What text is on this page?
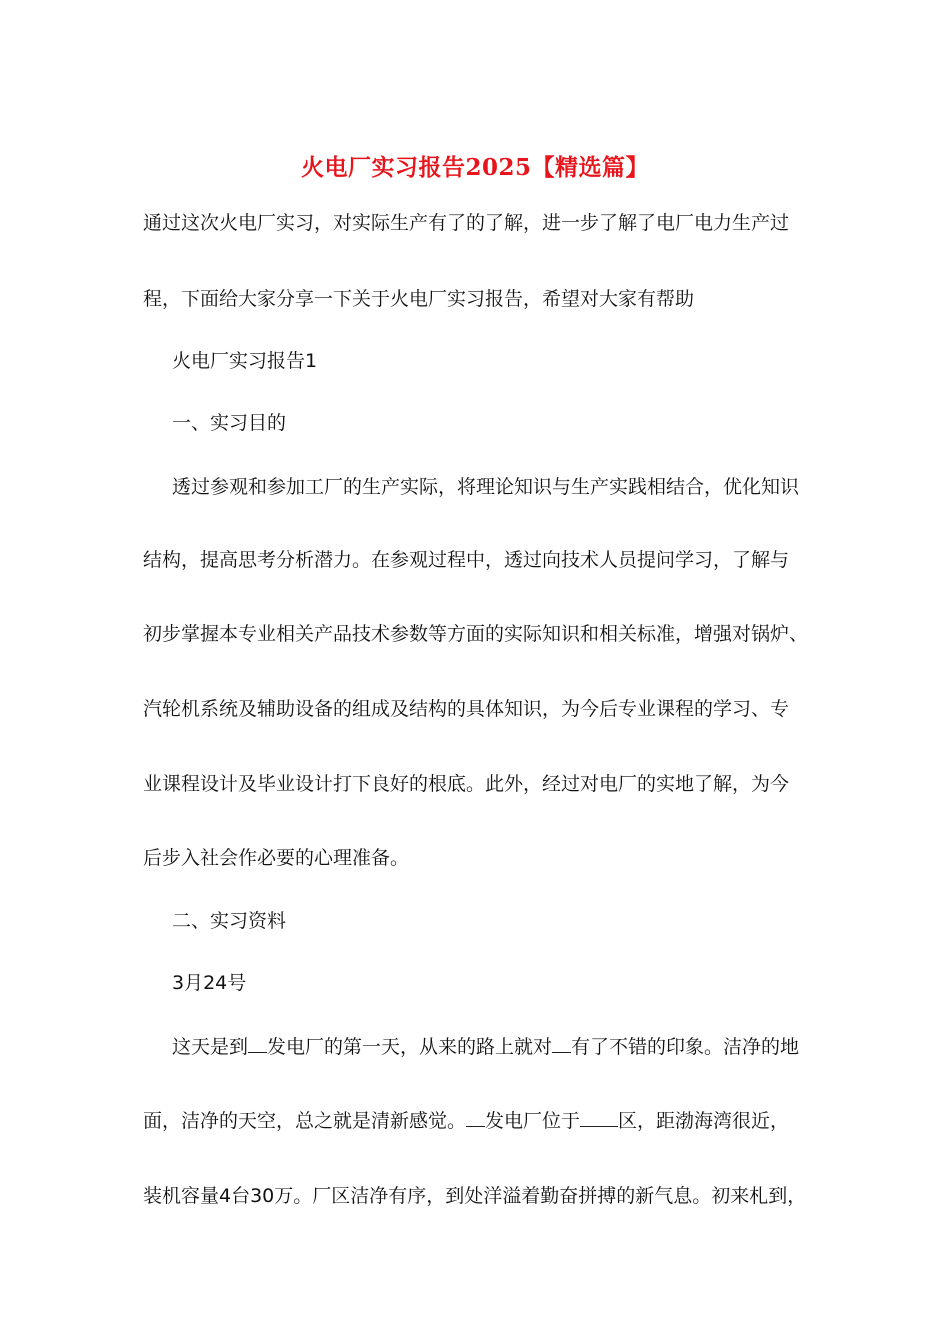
火电厂实习报告2025【精选篇】
通过这次火电厂实习，对实际生产有了的了解，进一步了解了电厂电力生产过
程，下面给大家分享一下关于火电厂实习报告，希望对大家有帮助
火电厂实习报告1
一、实习目的
透过参观和参加工厂的生产实际，将理论知识与生产实践相结合，优化知识
结构，提高思考分析潜力。在参观过程中，透过向技术人员提问学习，了解与
初步掌握本专业相关产品技术参数等方面的实际知识和相关标准，增强对锅炉、
汽轮机系统及辅助设备的组成及结构的具体知识，为今后专业课程的学习、专
业课程设计及毕业设计打下良好的根底。此外，经过对电厂的实地了解，为今
后步入社会作必要的心理准备。
二、实习资料
3月24号
这天是到 发电厂的第一天，从来的路上就对 有了不错的印象。洁净的地
面，洁净的天空，总之就是清新感觉。 发电厂位于 区，距渤海湾很近，
装机容量4台30万。厂区洁净有序，到处洋溢着勤奋拼搏的新气息。初来札到，
